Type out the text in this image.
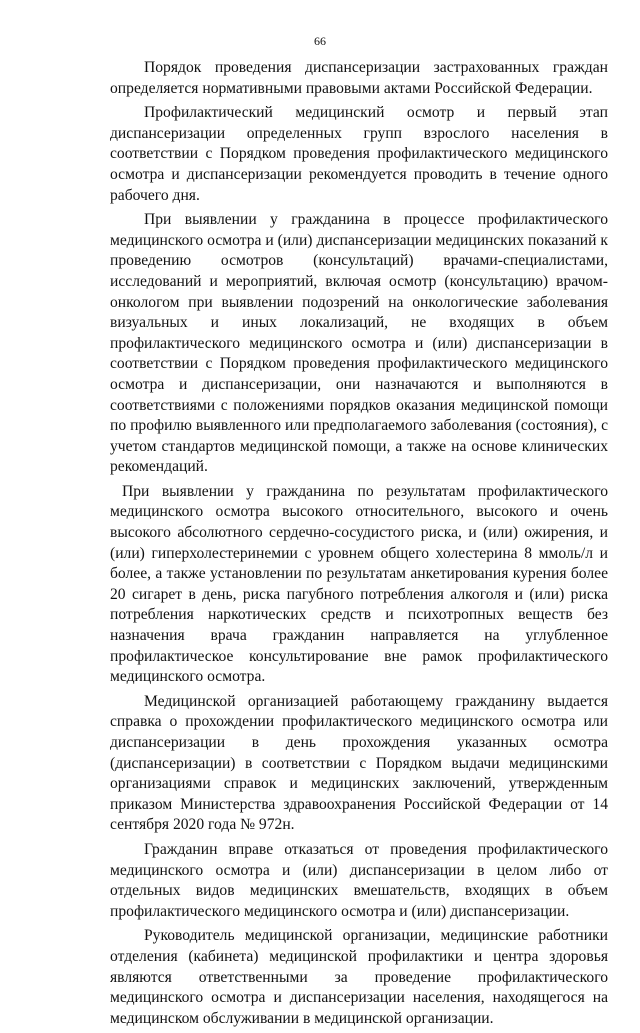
66

Порядок проведения диспансеризации застрахованных граждан определяется нормативными правовыми актами Российской Федерации.

Профилактический медицинский осмотр и первый этап диспансеризации определенных групп взрослого населения в соответствии с Порядком проведения профилактического медицинского осмотра и диспансеризации рекомендуется проводить в течение одного рабочего дня.

При выявлении у гражданина в процессе профилактического медицинского осмотра и (или) диспансеризации медицинских показаний к проведению осмотров (консультаций) врачами-специалистами, исследований и мероприятий, включая осмотр (консультацию) врачом-онкологом при выявлении подозрений на онкологические заболевания визуальных и иных локализаций, не входящих в объем профилактического медицинского осмотра и (или) диспансеризации в соответствии с Порядком проведения профилактического медицинского осмотра и диспансеризации, они назначаются и выполняются в соответствиями с положениями порядков оказания медицинской помощи по профилю выявленного или предполагаемого заболевания (состояния), с учетом стандартов медицинской помощи, а также на основе клинических рекомендаций.

При выявлении у гражданина по результатам профилактического медицинского осмотра высокого относительного, высокого и очень высокого абсолютного сердечно-сосудистого риска, и (или) ожирения, и (или) гиперхолестеринемии с уровнем общего холестерина 8 ммоль/л и более, а также установлении по результатам анкетирования курения более 20 сигарет в день, риска пагубного потребления алкоголя и (или) риска потребления наркотических средств и психотропных веществ без назначения врача гражданин направляется на углубленное профилактическое консультирование вне рамок профилактического медицинского осмотра.

Медицинской организацией работающему гражданину выдается справка о прохождении профилактического медицинского осмотра или диспансеризации в день прохождения указанных осмотра (диспансеризации) в соответствии с Порядком выдачи медицинскими организациями справок и медицинских заключений, утвержденным приказом Министерства здравоохранения Российской Федерации от 14 сентября 2020 года № 972н.

Гражданин вправе отказаться от проведения профилактического медицинского осмотра и (или) диспансеризации в целом либо от отдельных видов медицинских вмешательств, входящих в объем профилактического медицинского осмотра и (или) диспансеризации.

Руководитель медицинской организации, медицинские работники отделения (кабинета) медицинской профилактики и центра здоровья являются ответственными за проведение профилактического медицинского осмотра и диспансеризации населения, находящегося на медицинском обслуживании в медицинской организации.
